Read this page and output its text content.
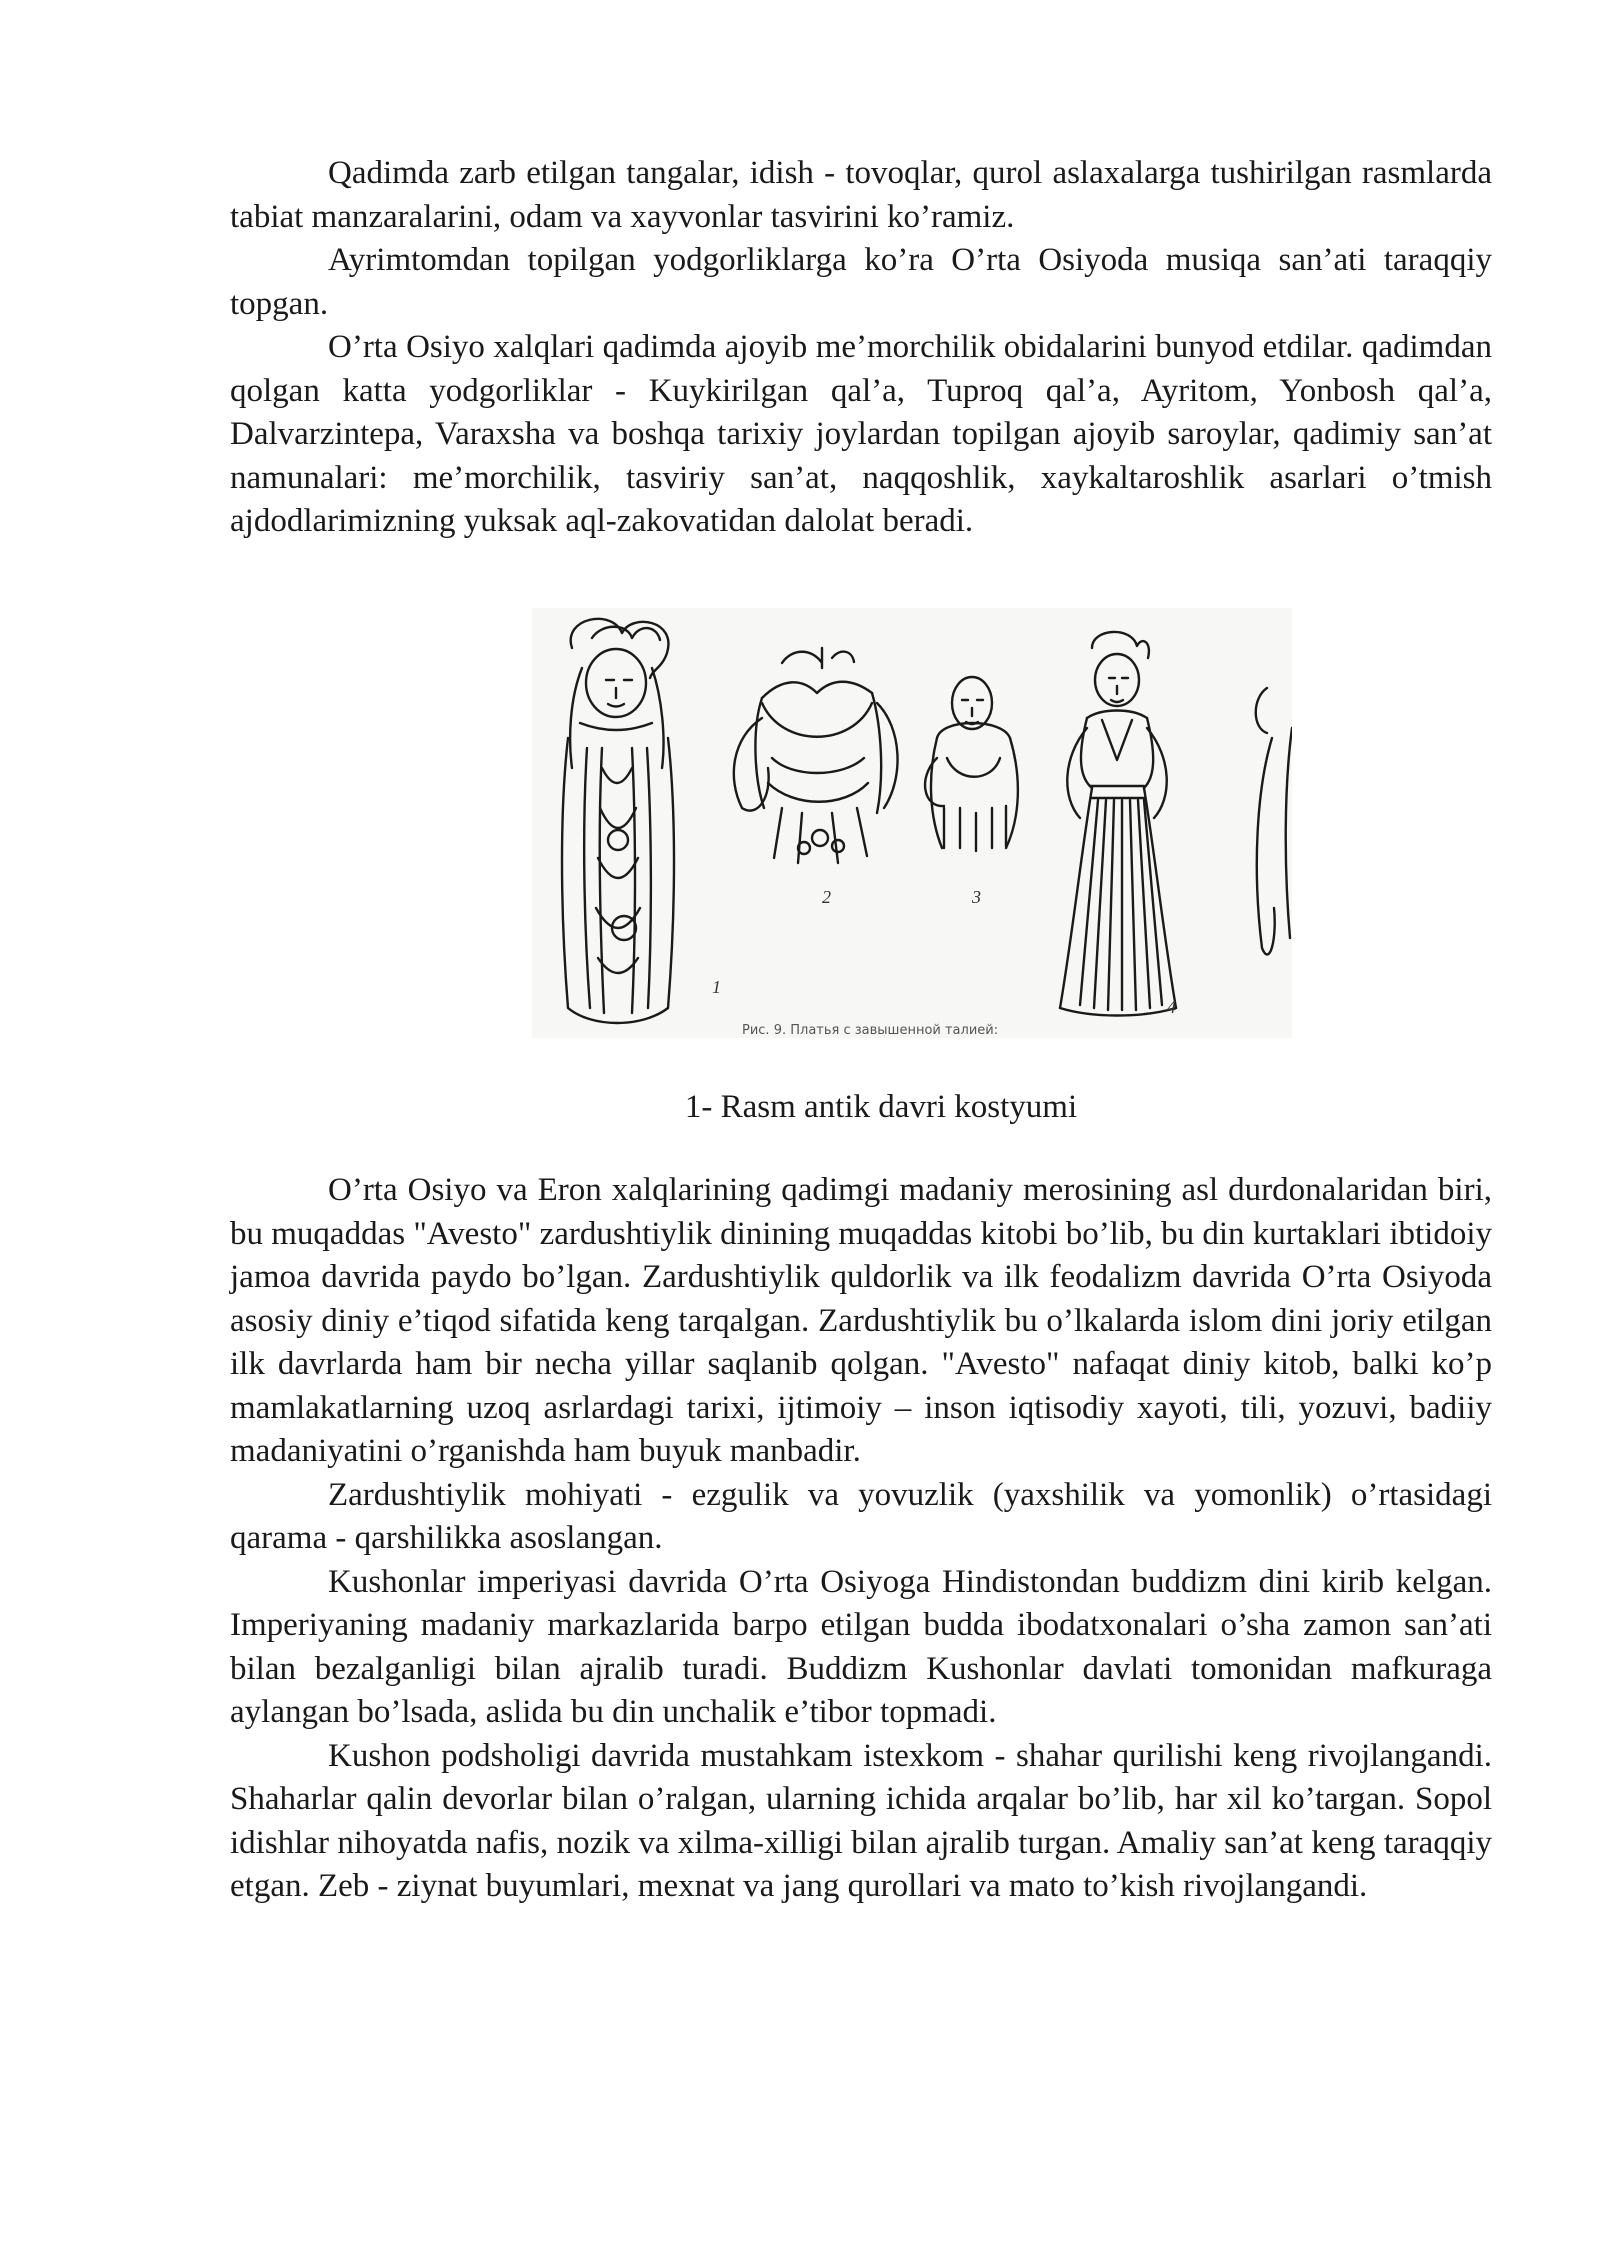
Qadimda zarb etilgan tangalar, idish - tovoqlar, qurol aslaxalarga tushirilgan rasmlarda tabiat manzaralarini, odam va xayvonlar tasvirini ko’ramiz.

Ayrimtomdan topilgan yodgorliklarga ko’ra O’rta Osiyoda musiqa san’ati taraqqiy topgan.

O’rta Osiyo xalqlari qadimda ajoyib me’morchilik obidalarini bunyod etdilar. qadimdan qolgan katta yodgorliklar - Kuykirilgan qal’a, Tuproq qal’a, Ayritom, Yonbosh qal’a, Dalvarzintepa, Varaxsha va boshqa tarixiy joylardan topilgan ajoyib saroylar, qadimiy san’at namunalari: me’morchilik, tasviriy san’at, naqqoshlik, xaykaltaroshlik asarlari o’tmish ajdodlarimizning yuksak aql-zakovatidan dalolat beradi.

1
2	3
4
Рис. 9. Платья с завышенной талией:

1- Rasm antik davri kostyumi

O’rta Osiyo va Eron xalqlarining qadimgi madaniy merosining asl durdonalaridan biri, bu muqaddas "Avesto" zardushtiylik dinining muqaddas kitobi bo’lib, bu din kurtaklari ibtidoiy jamoa davrida paydo bo’lgan. Zardushtiylik quldorlik va ilk feodalizm davrida O’rta Osiyoda asosiy diniy e’tiqod sifatida keng tarqalgan. Zardushtiylik bu o’lkalarda islom dini joriy etilgan ilk davrlarda ham bir necha yillar saqlanib qolgan. "Avesto" nafaqat diniy kitob, balki ko’p mamlakatlarning uzoq asrlardagi tarixi, ijtimoiy – inson iqtisodiy xayoti, tili, yozuvi, badiiy madaniyatini o’rganishda ham buyuk manbadir.

Zardushtiylik mohiyati - ezgulik va yovuzlik (yaxshilik va yomonlik) o’rtasidagi qarama - qarshilikka asoslangan.

Kushonlar imperiyasi davrida O’rta Osiyoga Hindistondan buddizm dini kirib kelgan. Imperiyaning madaniy markazlarida barpo etilgan budda ibodatxonalari o’sha zamon san’ati bilan bezalganligi bilan ajralib turadi. Buddizm Kushonlar davlati tomonidan mafkuraga aylangan bo’lsada, aslida bu din unchalik e’tibor topmadi.

Kushon podsholigi davrida mustahkam istexkom - shahar qurilishi keng rivojlangandi. Shaharlar qalin devorlar bilan o’ralgan, ularning ichida arqalar bo’lib, har xil ko’targan. Sopol idishlar nihoyatda nafis, nozik va xilma-xilligi bilan ajralib turgan. Amaliy san’at keng taraqqiy etgan. Zeb - ziynat buyumlari, mexnat va jang qurollari va mato to’kish rivojlangandi.
